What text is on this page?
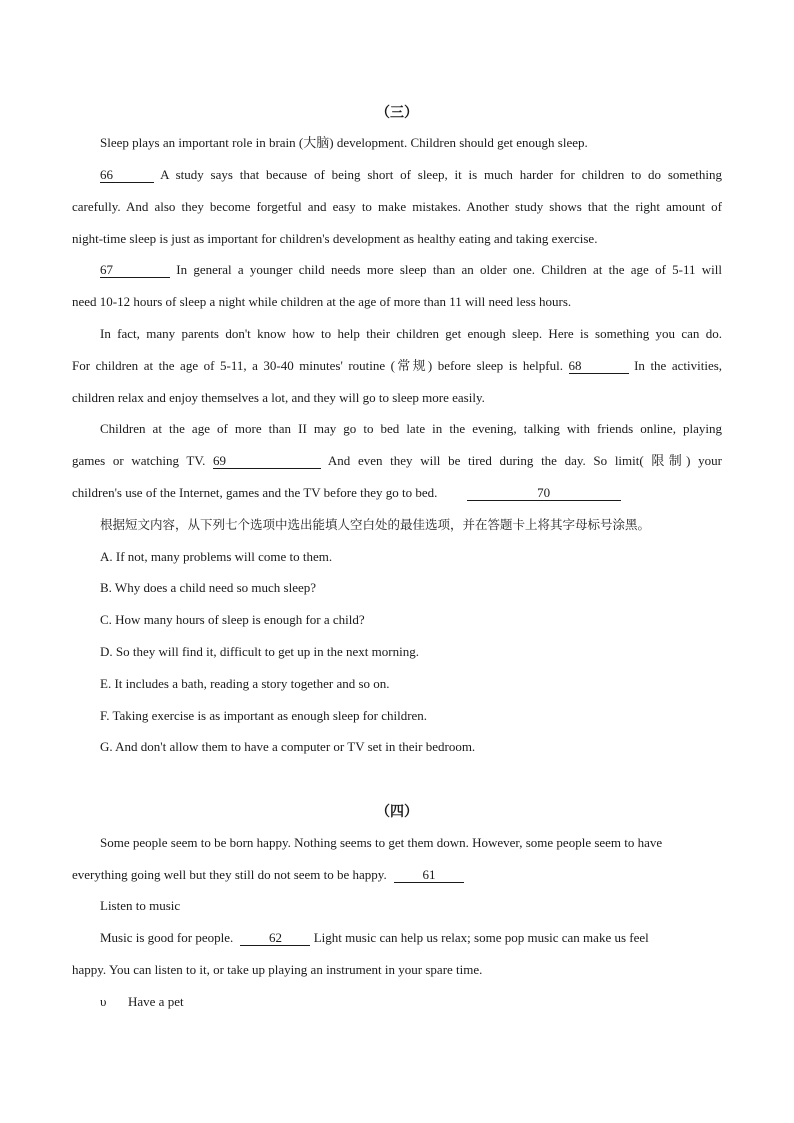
（三）
Sleep plays an important role in brain (大脑) development. Children should get enough sleep.
66	A study says that because of being short of sleep, it is much harder for children to do something
carefully. And also they become forgetful and easy to make mistakes. Another study shows that the right amount of
night-time sleep is just as important for children's development as healthy eating and taking exercise.
67	In general a younger child needs more sleep than an older one. Children at the age of 5-11 will
need 10-12 hours of sleep a night while children at the age of more than 11 will need less hours.
In fact, many parents don't know how to help their children get enough sleep. Here is something you can do.
For children at the age of 5-11, a 30-40 minutes' routine (常规) before sleep is helpful. 68	In the activities,
children relax and enjoy themselves a lot, and they will go to sleep more easily.
Children at the age of more than II may go to bed late in the evening, talking with friends online, playing
games or watching TV. 69	And even they will be tired during the day. So limit( 限制) your
children's use of the Internet, games and the TV before they go to bed.	70
根据短文内容，从下列七个选项中选出能填人空白处的最佳选项，并在答题卡上将其字母标号涂黑。
A. If not, many problems will come to them.
B. Why does a child need so much sleep?
C. How many hours of sleep is enough for a child?
D. So they will find it, difficult to get up in the next morning.
E. It includes a bath, reading a story together and so on.
F. Taking exercise is as important as enough sleep for children.
G. And don't allow them to have a computer or TV set in their bedroom.
（四）
Some people seem to be born happy. Nothing seems to get them down. However, some people seem to have
everything going well but they still do not seem to be happy.	61
Listen to music
Music is good for people.	62 Light music can help us relax; some pop music can make us feel
happy. You can listen to it, or take up playing an instrument in your spare time.
υ Have a pet
